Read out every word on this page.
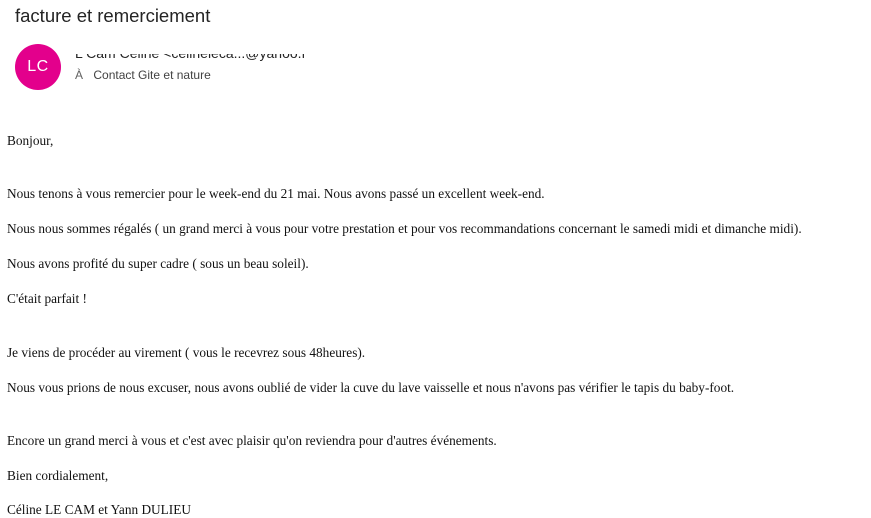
facture et remerciement
LC	À Contact Gite et nature
Bonjour,
Nous tenons à vous remercier pour le week-end du 21 mai. Nous avons passé un excellent week-end.
Nous nous sommes régalés ( un grand merci à vous pour votre prestation et pour vos recommandations concernant le samedi midi et dimanche midi).
Nous avons profité du super cadre ( sous un beau soleil).
C'était parfait !
Je viens de procéder au virement ( vous le recevrez sous 48heures).
Nous vous prions de nous excuser, nous avons oublié de vider la cuve du lave vaisselle et nous n'avons pas vérifier le tapis du baby-foot.
Encore un grand merci à vous et c'est avec plaisir qu'on reviendra pour d'autres événements.
Bien cordialement,
Céline LE CAM et Yann DULIEU
